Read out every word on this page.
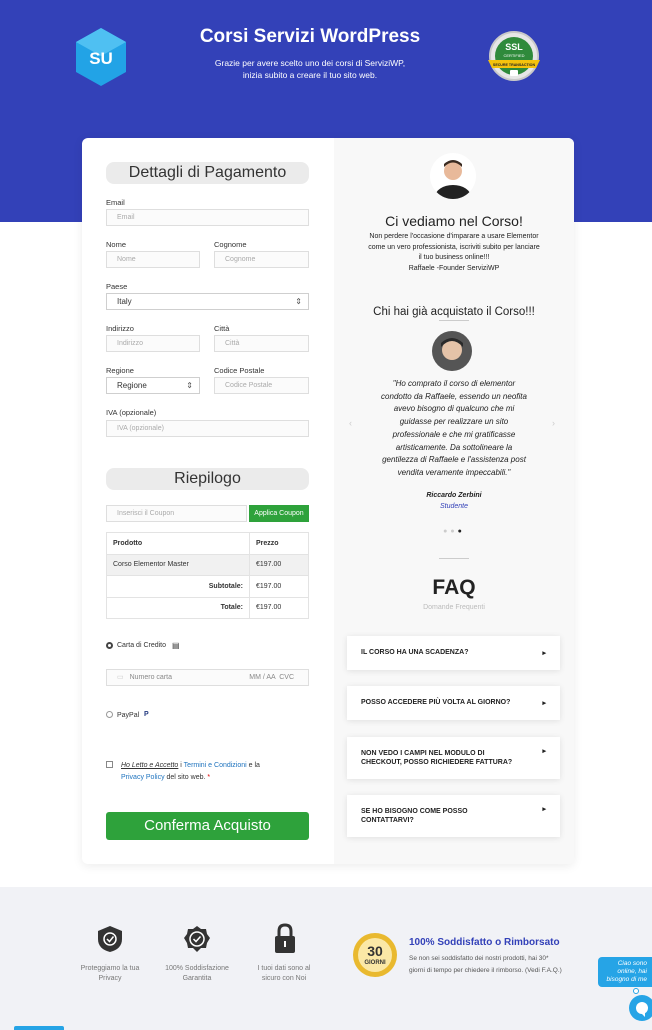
SU
Corsi Servizi WordPress
Grazie per avere scelto uno dei corsi di ServiziWP,
inizia subito a creare il tuo sito web.
SSL
CERTIFIED
SECURE TRANSACTION
Dettagli di Pagamento
Email
Email
Nome
Nome
Cognome
Cognome
Paese
Italy	⇕
Indirizzo
Indirizzo
Città
Città
Regione
Regione	⇕
Codice Postale
Codice Postale
IVA (opzionale)
IVA (opzionale)
Riepilogo
Inserisci il Coupon	Applica Coupon
Prodotto	Prezzo
Corso Elementor Master	€197.00
Subtotale:	€197.00
Totale:	€197.00
Carta di Credito ▤
▭ Numero carta	MM / AA  CVC
PayPal P
Ho Letto e Accetto i Termini e Condizioni e la
Privacy Policy del sito web. *
Conferma Acquisto
Ci vediamo nel Corso!
Non perdere l'occasione d'imparare a usare Elementor
come un vero professionista, iscriviti subito per lanciare
il tuo business online!!!
Raffaele -Founder ServiziWP
Chi hai già acquistato il Corso!!!
‹	›
"Ho comprato il corso di elementor
condotto da Raffaele, essendo un neofita
avevo bisogno di qualcuno che mi
guidasse per realizzare un sito
professionale e che mi gratificasse
artisticamente. Da sottolineare la
gentilezza di Raffaele e l'assistenza post
vendita veramente impeccabili."
Riccardo Zerbini
Studente
●●●
FAQ
Domande Frequenti
IL CORSO HA UNA SCADENZA?	▸
POSSO ACCEDERE PIÙ VOLTA AL GIORNO?	▸
NON VEDO I CAMPI NEL MODULO DI
CHECKOUT, POSSO RICHIEDERE FATTURA?
▸
SE HO BISOGNO COME POSSO
CONTATTARVI?
▸
Proteggiamo la tua
Privacy
100% Soddisfazione
Garantita
I tuoi dati sono al
sicuro con Noi
30
GIORNI
100% Soddisfatto o Rimborsato
Se non sei soddisfatto dei nostri prodotti, hai 30*
giorni di tempo per chiedere il rimborso. (Vedi F.A.Q.)
Ciao sono
online, hai
bisogno di me
